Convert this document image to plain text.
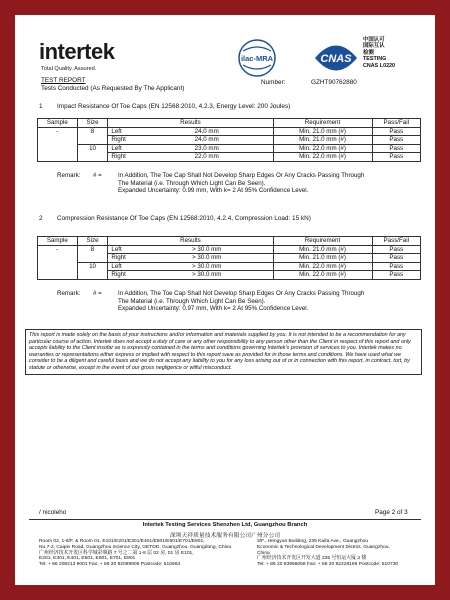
intertek
Total Quality. Assured.
TEST REPORT
Tests Conducted (As Requested By The Applicant)
ilac-MRA	CNAS
中国认可
国际互认
检测
TESTING
CNAS L0220
Number:	GZHT90762880
1 Impact Resistance Of Toe Caps (EN 12568:2010, 4.2.3, Energy Level: 200 Joules)
Sample	Size	Results		Requirement	Pass/Fail
-	8	Left	24.0 mm	Min. 21.0 mm (#)	Pass
		Right	24.0 mm	Min. 21.0 mm (#)	Pass
	10	Left	23.0 mm	Min. 22.0 mm (#)	Pass
		Right	22.0 mm	Min. 22.0 mm (#)	Pass
Remark: # =	In Addition, The Toe Cap Shall Not Develop Sharp Edges Or Any Cracks Passing Through
The Material (i.e. Through Which Light Can Be Seen).
Expanded Uncertainty: 0.99 mm, With k= 2 At 95% Confidence Level.
2 Compression Resistance Of Toe Caps (EN 12568:2010, 4.2.4, Compression Load: 15 kN)
Sample	Size	Results		Requirement	Pass/Fail
-	8	Left	> 30.0 mm	Min. 21.0 mm (#)	Pass
		Right	> 30.0 mm	Min. 21.0 mm (#)	Pass
	10	Left	> 30.0 mm	Min. 22.0 mm (#)	Pass
		Right	> 30.0 mm	Min. 22.0 mm (#)	Pass
Remark: # =	In Addition, The Toe Cap Shall Not Develop Sharp Edges Or Any Cracks Passing Through
The Material (i.e. Through Which Light Can Be Seen).
Expanded Uncertainty: 0.97 mm, With k= 2 At 95% Confidence Level.
This report is made solely on the basis of your instructions and/or information and materials supplied by you. It is not intended to be a recommendation for any particular course of action. Intertek does not accept a duty of care or any other responsibility to any person other than the Client in respect of this report and only accepts liability to the Client insofar as is expressly contained in the terms and conditions governing Intertek's provision of services to you. Intertek makes no warranties or representations either express or implied with respect to this report save as provided for in those terms and conditions. We have used what we consider to be a diligent and careful basis and we do not accept any liability to you for any loss arising out of or in connection with this report, in contract, tort, by statute or otherwise, except in the event of our gross negligence or wilful misconduct.
/ nicoleho	Page 2 of 3
Intertek Testing Services Shenzhen Ltd, Guangzhou Branch
深圳天祥质量技术服务有限公司广州分公司
Room 02, 1-8/F. & Room 01, E101/E201/E301/E401/E501/E601/E701/E801,
No.7-2, Caipin Road, Guangzhou Science City, GETDD, Guangzhou, Guangdong, China
广州经济技术开发区科学城彩频路 7 号之二第 1-8 层 02 房, 01 房 E101,
E201, E301, E401, E501, E601, E701, E801
Tel: + 86 208213 9001 Fax: + 86 20 82089909 Postcode: 510663
3/F., Hengyun Building, 235 Kaifa Ave., Guangzhou
Economic & Technological Development District, Guangzhou,
China
广州经济技术开发区开发大道 235 号恒运大厦 3 楼
Tel: + 86 20 83966068 Fax: + 86 20 82228169 Postcode: 510730
